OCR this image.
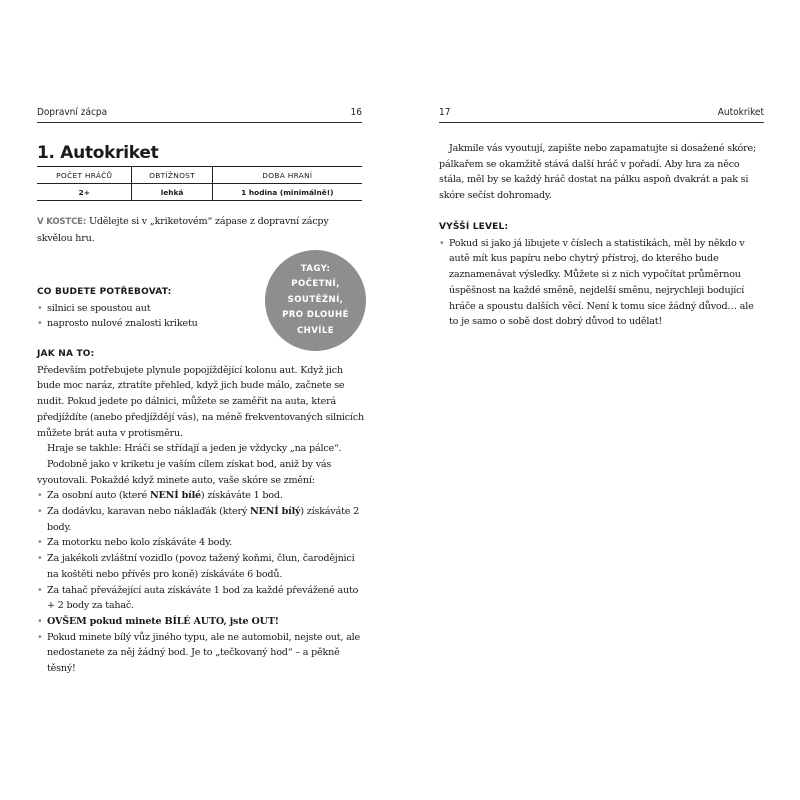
Dopravní zácpa	16
1. Autokriket
POČET HRÁČŮ	OBTÍŽNOST	DOBA HRANÍ
2+	lehká	1 hodina (minimálně!)

V KOSTCE: Udělejte si v „kriketovém“ zápase z dopravní zácpy skvělou hru.

TAGY:
POČETNÍ,
SOUTĚŽNÍ,
PRO DLOUHÉ
CHVÍLE

CO BUDETE POTŘEBOVAT:

• silnici se spoustou aut
• naprosto nulové znalosti kriketu

JAK NA TO:

Především potřebujete plynule popojíždějící kolonu aut. Když jich bude moc naráz, ztratíte přehled, když jich bude málo, začnete se nudit. Pokud jedete po dálnici, můžete se zaměřit na auta, která předjíždíte (anebo předjíždějí vás), na méně frekventovaných silnicích můžete brát auta v protisměru.

Hraje se takhle: Hráči se střídají a jeden je vždycky „na pálce“.

Podobně jako v kriketu je vaším cílem získat bod, aniž by vás vyoutovali. Pokaždé když minete auto, vaše skóre se změní:

• Za osobní auto (které NENÍ bílé) získáváte 1 bod.
• Za dodávku, karavan nebo náklaďák (který NENÍ bílý) získáváte 2 body.
• Za motorku nebo kolo získáváte 4 body.
• Za jakékoli zvláštní vozidlo (povoz tažený koňmi, člun, čarodějnici na koštěti nebo přívěs pro koně) získáváte 6 bodů.
• Za tahač převážející auta získáváte 1 bod za každé převážené auto + 2 body za tahač.
• OVŠEM pokud minete BÍLÉ AUTO, jste OUT!
• Pokud minete bílý vůz jiného typu, ale ne automobil, nejste out, ale nedostanete za něj žádný bod. Je to „tečkovaný hod“ – a pěkně těsný!
17	Autokriket

Jakmile vás vyoutují, zapište nebo zapamatujte si dosažené skóre; pálkařem se okamžitě stává další hráč v pořadí. Aby hra za něco stála, měl by se každý hráč dostat na pálku aspoň dvakrát a pak si skóre sečíst dohromady.

VYŠŠÍ LEVEL:

• Pokud si jako já libujete v číslech a statistikách, měl by někdo v autě mít kus papíru nebo chytrý přístroj, do kterého bude zaznamenávat výsledky. Můžete si z nich vypočítat průměrnou úspěšnost na každé směně, nejdelší směnu, nejrychleji bodující hráče a spoustu dalších věcí. Není k tomu sice žádný důvod… ale to je samo o sobě dost dobrý důvod to udělat!
